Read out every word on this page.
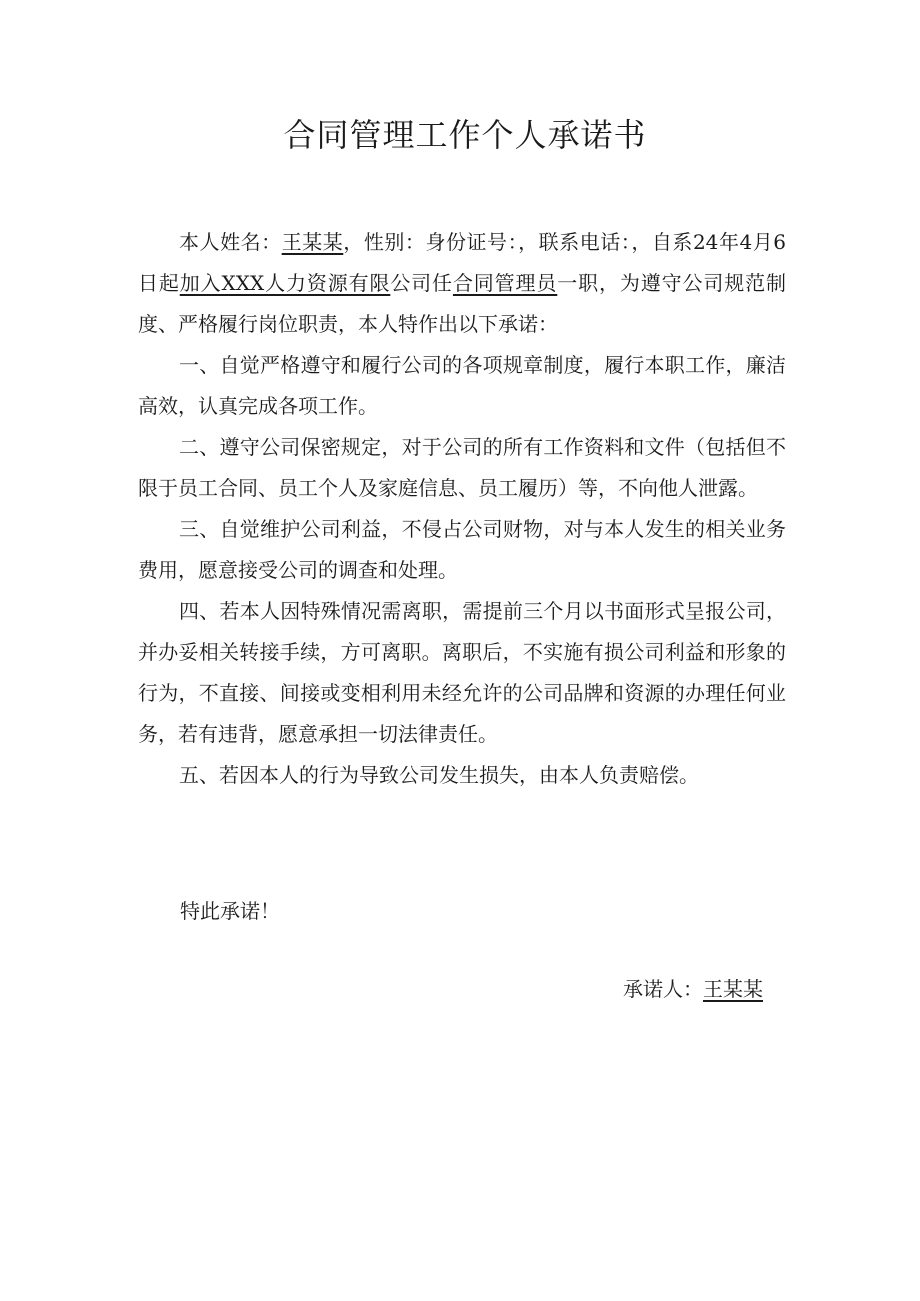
合同管理工作个人承诺书

本人姓名：王某某，性别：身份证号：，联系电话：，自系24年4月6日起加入XXX人力资源有限公司任合同管理员一职，为遵守公司规范制度、严格履行岗位职责，本人特作出以下承诺：

一、自觉严格遵守和履行公司的各项规章制度，履行本职工作，廉洁高效，认真完成各项工作。

二、遵守公司保密规定，对于公司的所有工作资料和文件（包括但不限于员工合同、员工个人及家庭信息、员工履历）等，不向他人泄露。

三、自觉维护公司利益，不侵占公司财物，对与本人发生的相关业务费用，愿意接受公司的调查和处理。

四、若本人因特殊情况需离职，需提前三个月以书面形式呈报公司，并办妥相关转接手续，方可离职。离职后，不实施有损公司利益和形象的行为，不直接、间接或变相利用未经允许的公司品牌和资源的办理任何业务，若有违背，愿意承担一切法律责任。

五、若因本人的行为导致公司发生损失，由本人负责赔偿。

特此承诺！
承诺人：王某某
